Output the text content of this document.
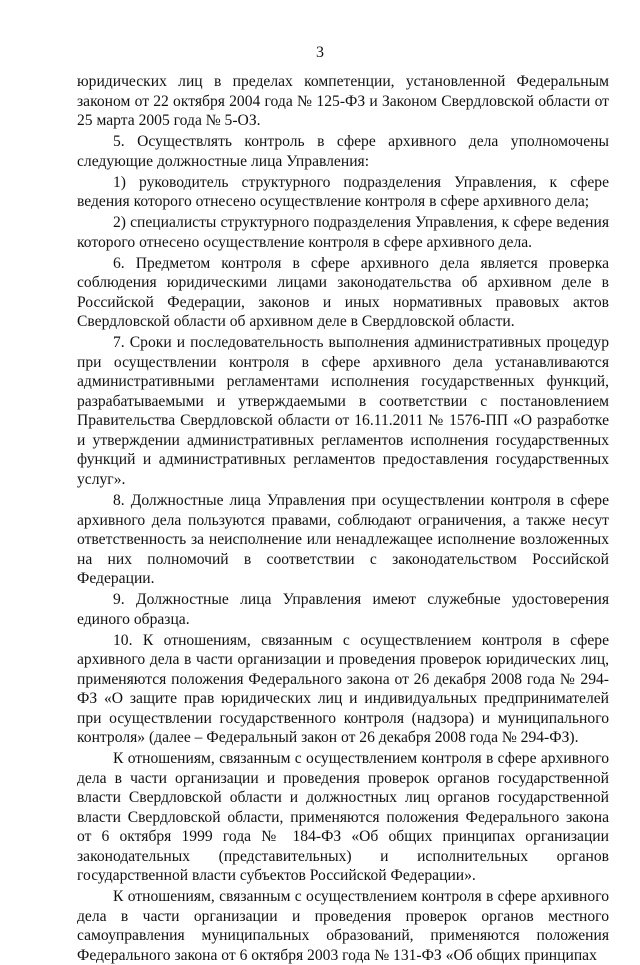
3

юридических лиц в пределах компетенции, установленной Федеральным законом от 22 октября 2004 года № 125-ФЗ и Законом Свердловской области от 25 марта 2005 года № 5-ОЗ.

5. Осуществлять контроль в сфере архивного дела уполномочены следующие должностные лица Управления:

1) руководитель структурного подразделения Управления, к сфере ведения которого отнесено осуществление контроля в сфере архивного дела;

2) специалисты структурного подразделения Управления, к сфере ведения которого отнесено осуществление контроля в сфере архивного дела.

6. Предметом контроля в сфере архивного дела является проверка соблюдения юридическими лицами законодательства об архивном деле в Российской Федерации, законов и иных нормативных правовых актов Свердловской области об архивном деле в Свердловской области.

7. Сроки и последовательность выполнения административных процедур при осуществлении контроля в сфере архивного дела устанавливаются административными регламентами исполнения государственных функций, разрабатываемыми и утверждаемыми в соответствии с постановлением Правительства Свердловской области от 16.11.2011 № 1576-ПП «О разработке и утверждении административных регламентов исполнения государственных функций и административных регламентов предоставления государственных услуг».

8. Должностные лица Управления при осуществлении контроля в сфере архивного дела пользуются правами, соблюдают ограничения, а также несут ответственность за неисполнение или ненадлежащее исполнение возложенных на них полномочий в соответствии с законодательством Российской Федерации.

9. Должностные лица Управления имеют служебные удостоверения единого образца.

10. К отношениям, связанным с осуществлением контроля в сфере архивного дела в части организации и проведения проверок юридических лиц, применяются положения Федерального закона от 26 декабря 2008 года № 294-ФЗ «О защите прав юридических лиц и индивидуальных предпринимателей при осуществлении государственного контроля (надзора) и муниципального контроля» (далее – Федеральный закон от 26 декабря 2008 года № 294-ФЗ).

К отношениям, связанным с осуществлением контроля в сфере архивного дела в части организации и проведения проверок органов государственной власти Свердловской области и должностных лиц органов государственной власти Свердловской области, применяются положения Федерального закона от 6 октября 1999 года № 184-ФЗ «Об общих принципах организации законодательных (представительных) и исполнительных органов государственной власти субъектов Российской Федерации».

К отношениям, связанным с осуществлением контроля в сфере архивного дела в части организации и проведения проверок органов местного самоуправления муниципальных образований, применяются положения Федерального закона от 6 октября 2003 года № 131-ФЗ «Об общих принципах
